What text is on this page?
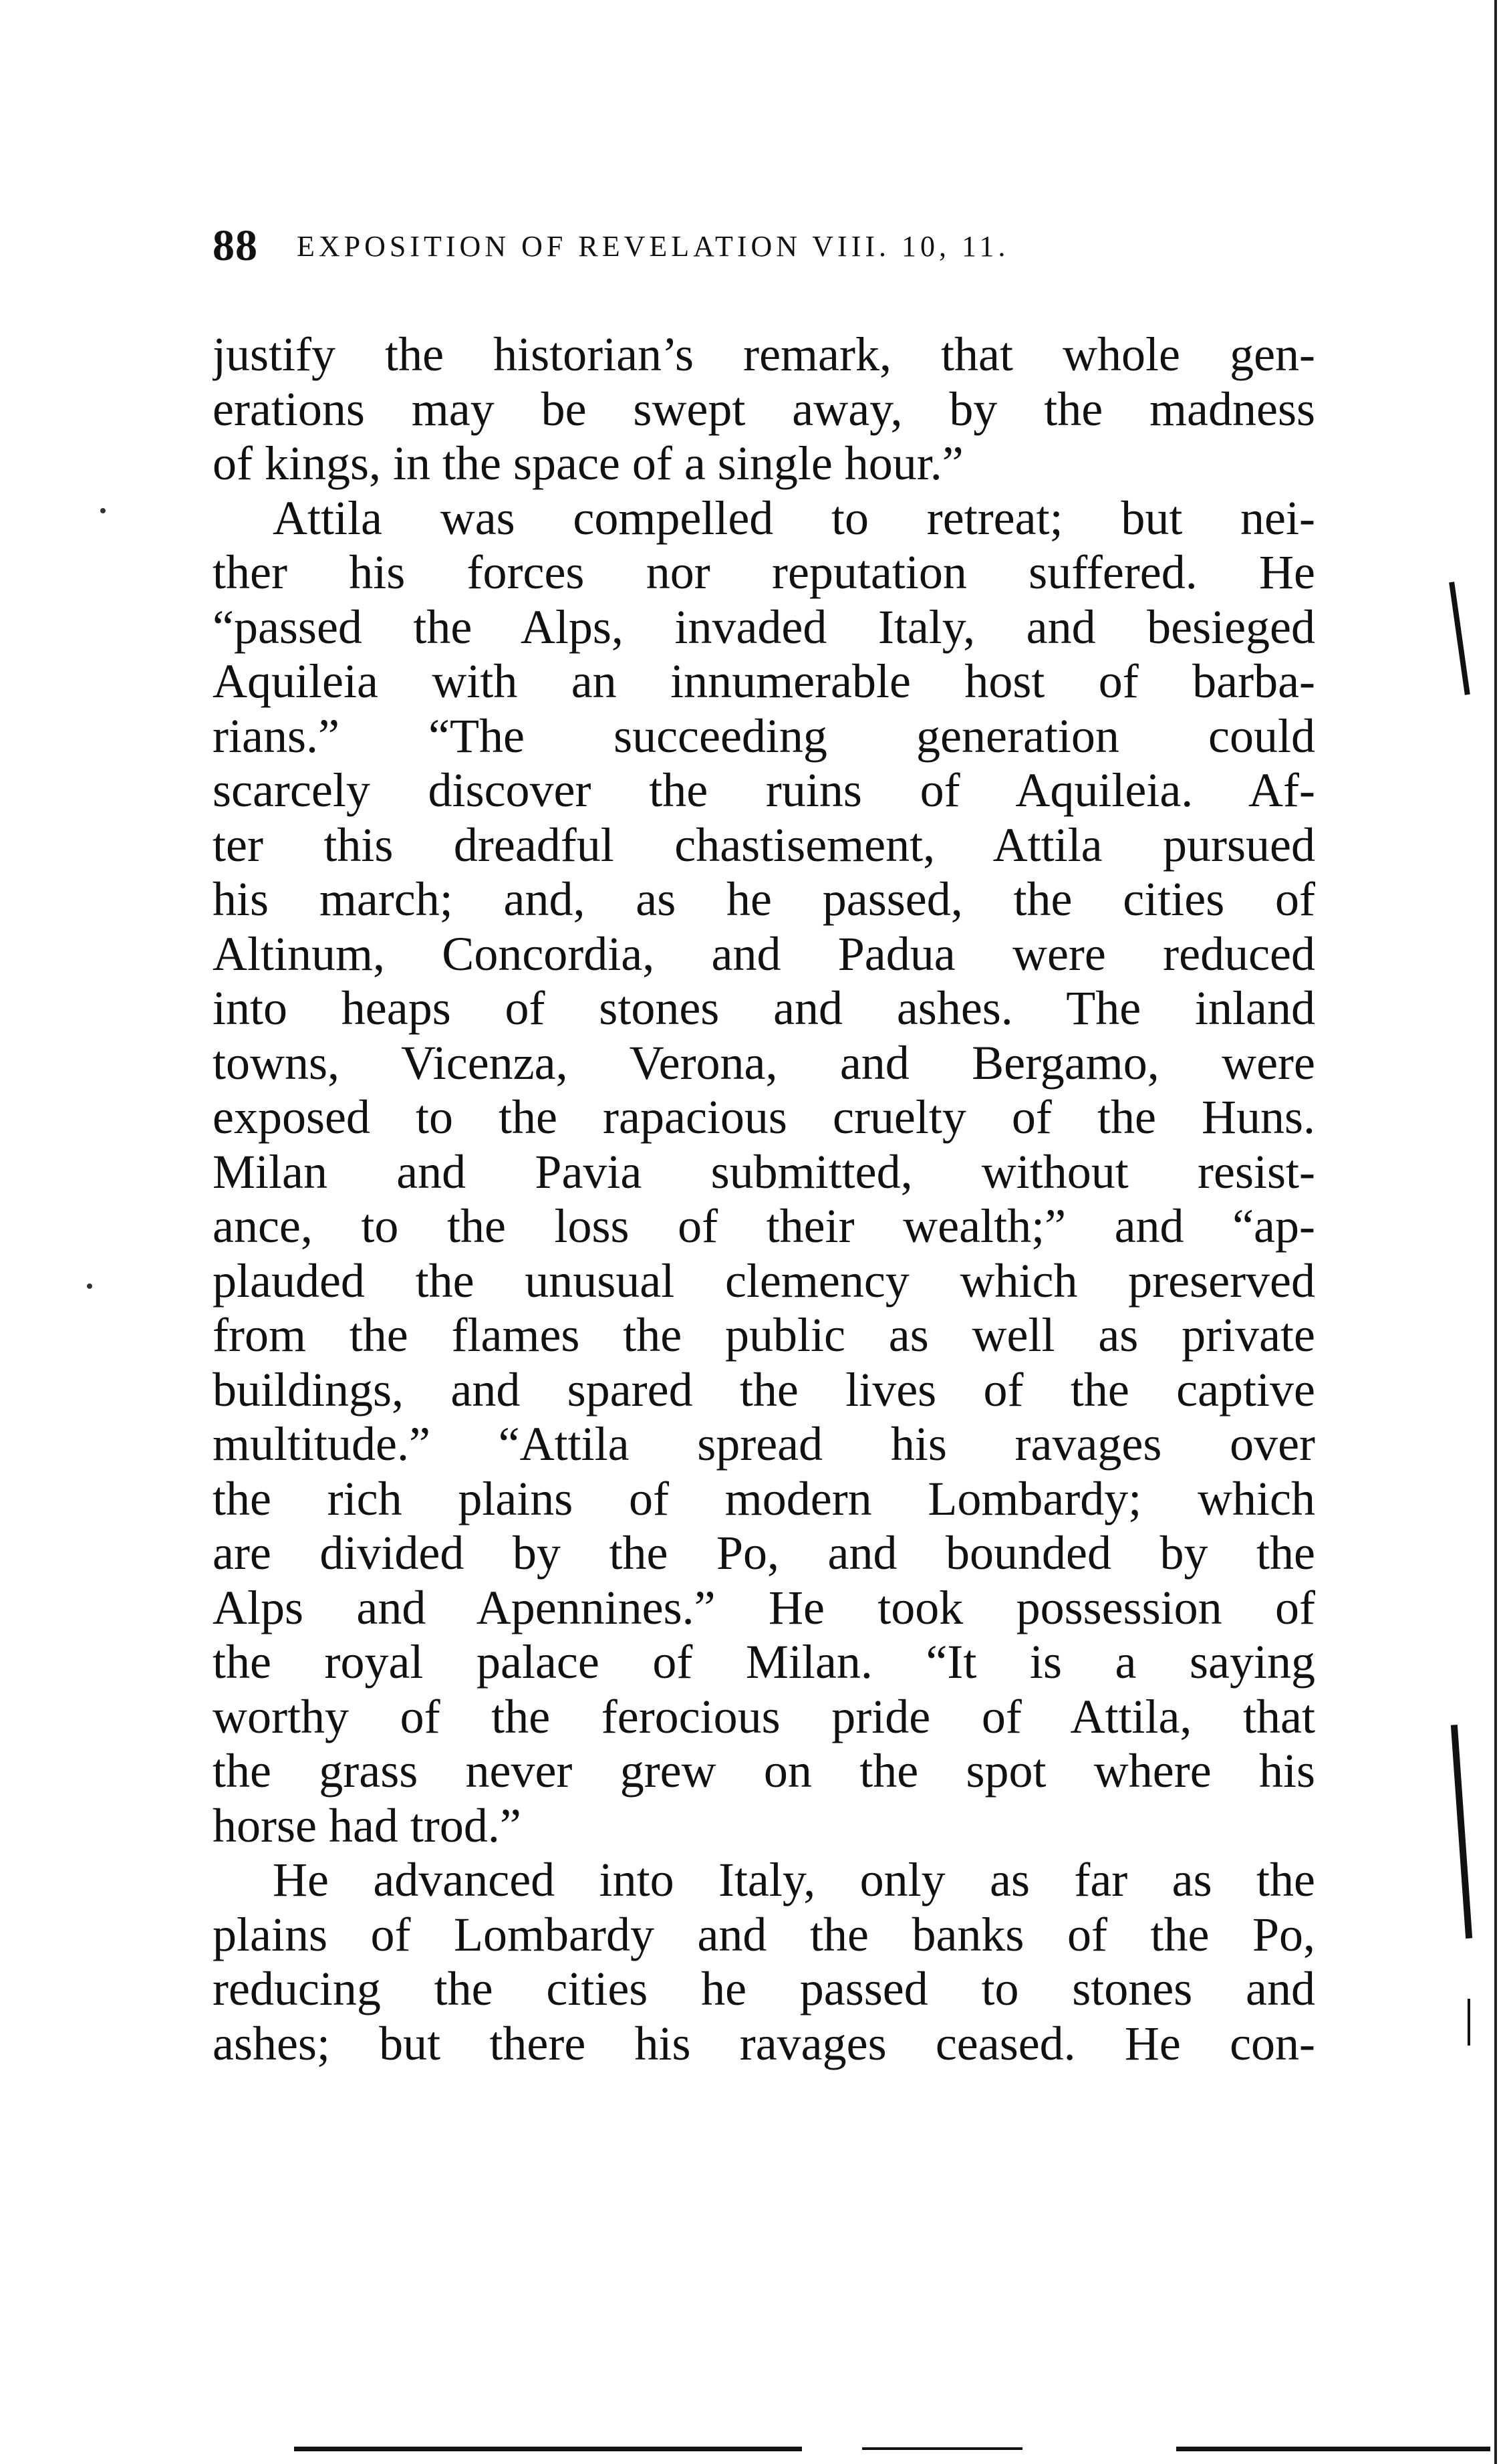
88 EXPOSITION OF REVELATION VIII. 10, 11.
justify the historian’s remark, that whole gen-
erations may be swept away, by the madness
of kings, in the space of a single hour.”
Attila was compelled to retreat; but nei-
ther his forces nor reputation suffered. He
“passed the Alps, invaded Italy, and besieged
Aquileia with an innumerable host of barba-
rians.” “The succeeding generation could
scarcely discover the ruins of Aquileia. Af-
ter this dreadful chastisement, Attila pursued
his march; and, as he passed, the cities of
Altinum, Concordia, and Padua were reduced
into heaps of stones and ashes. The inland
towns, Vicenza, Verona, and Bergamo, were
exposed to the rapacious cruelty of the Huns.
Milan and Pavia submitted, without resist-
ance, to the loss of their wealth;” and “ap-
plauded the unusual clemency which preserved
from the flames the public as well as private
buildings, and spared the lives of the captive
multitude.” “Attila spread his ravages over
the rich plains of modern Lombardy; which
are divided by the Po, and bounded by the
Alps and Apennines.” He took possession of
the royal palace of Milan. “It is a saying
worthy of the ferocious pride of Attila, that
the grass never grew on the spot where his
horse had trod.”
He advanced into Italy, only as far as the
plains of Lombardy and the banks of the Po,
reducing the cities he passed to stones and
ashes; but there his ravages ceased. He con-
